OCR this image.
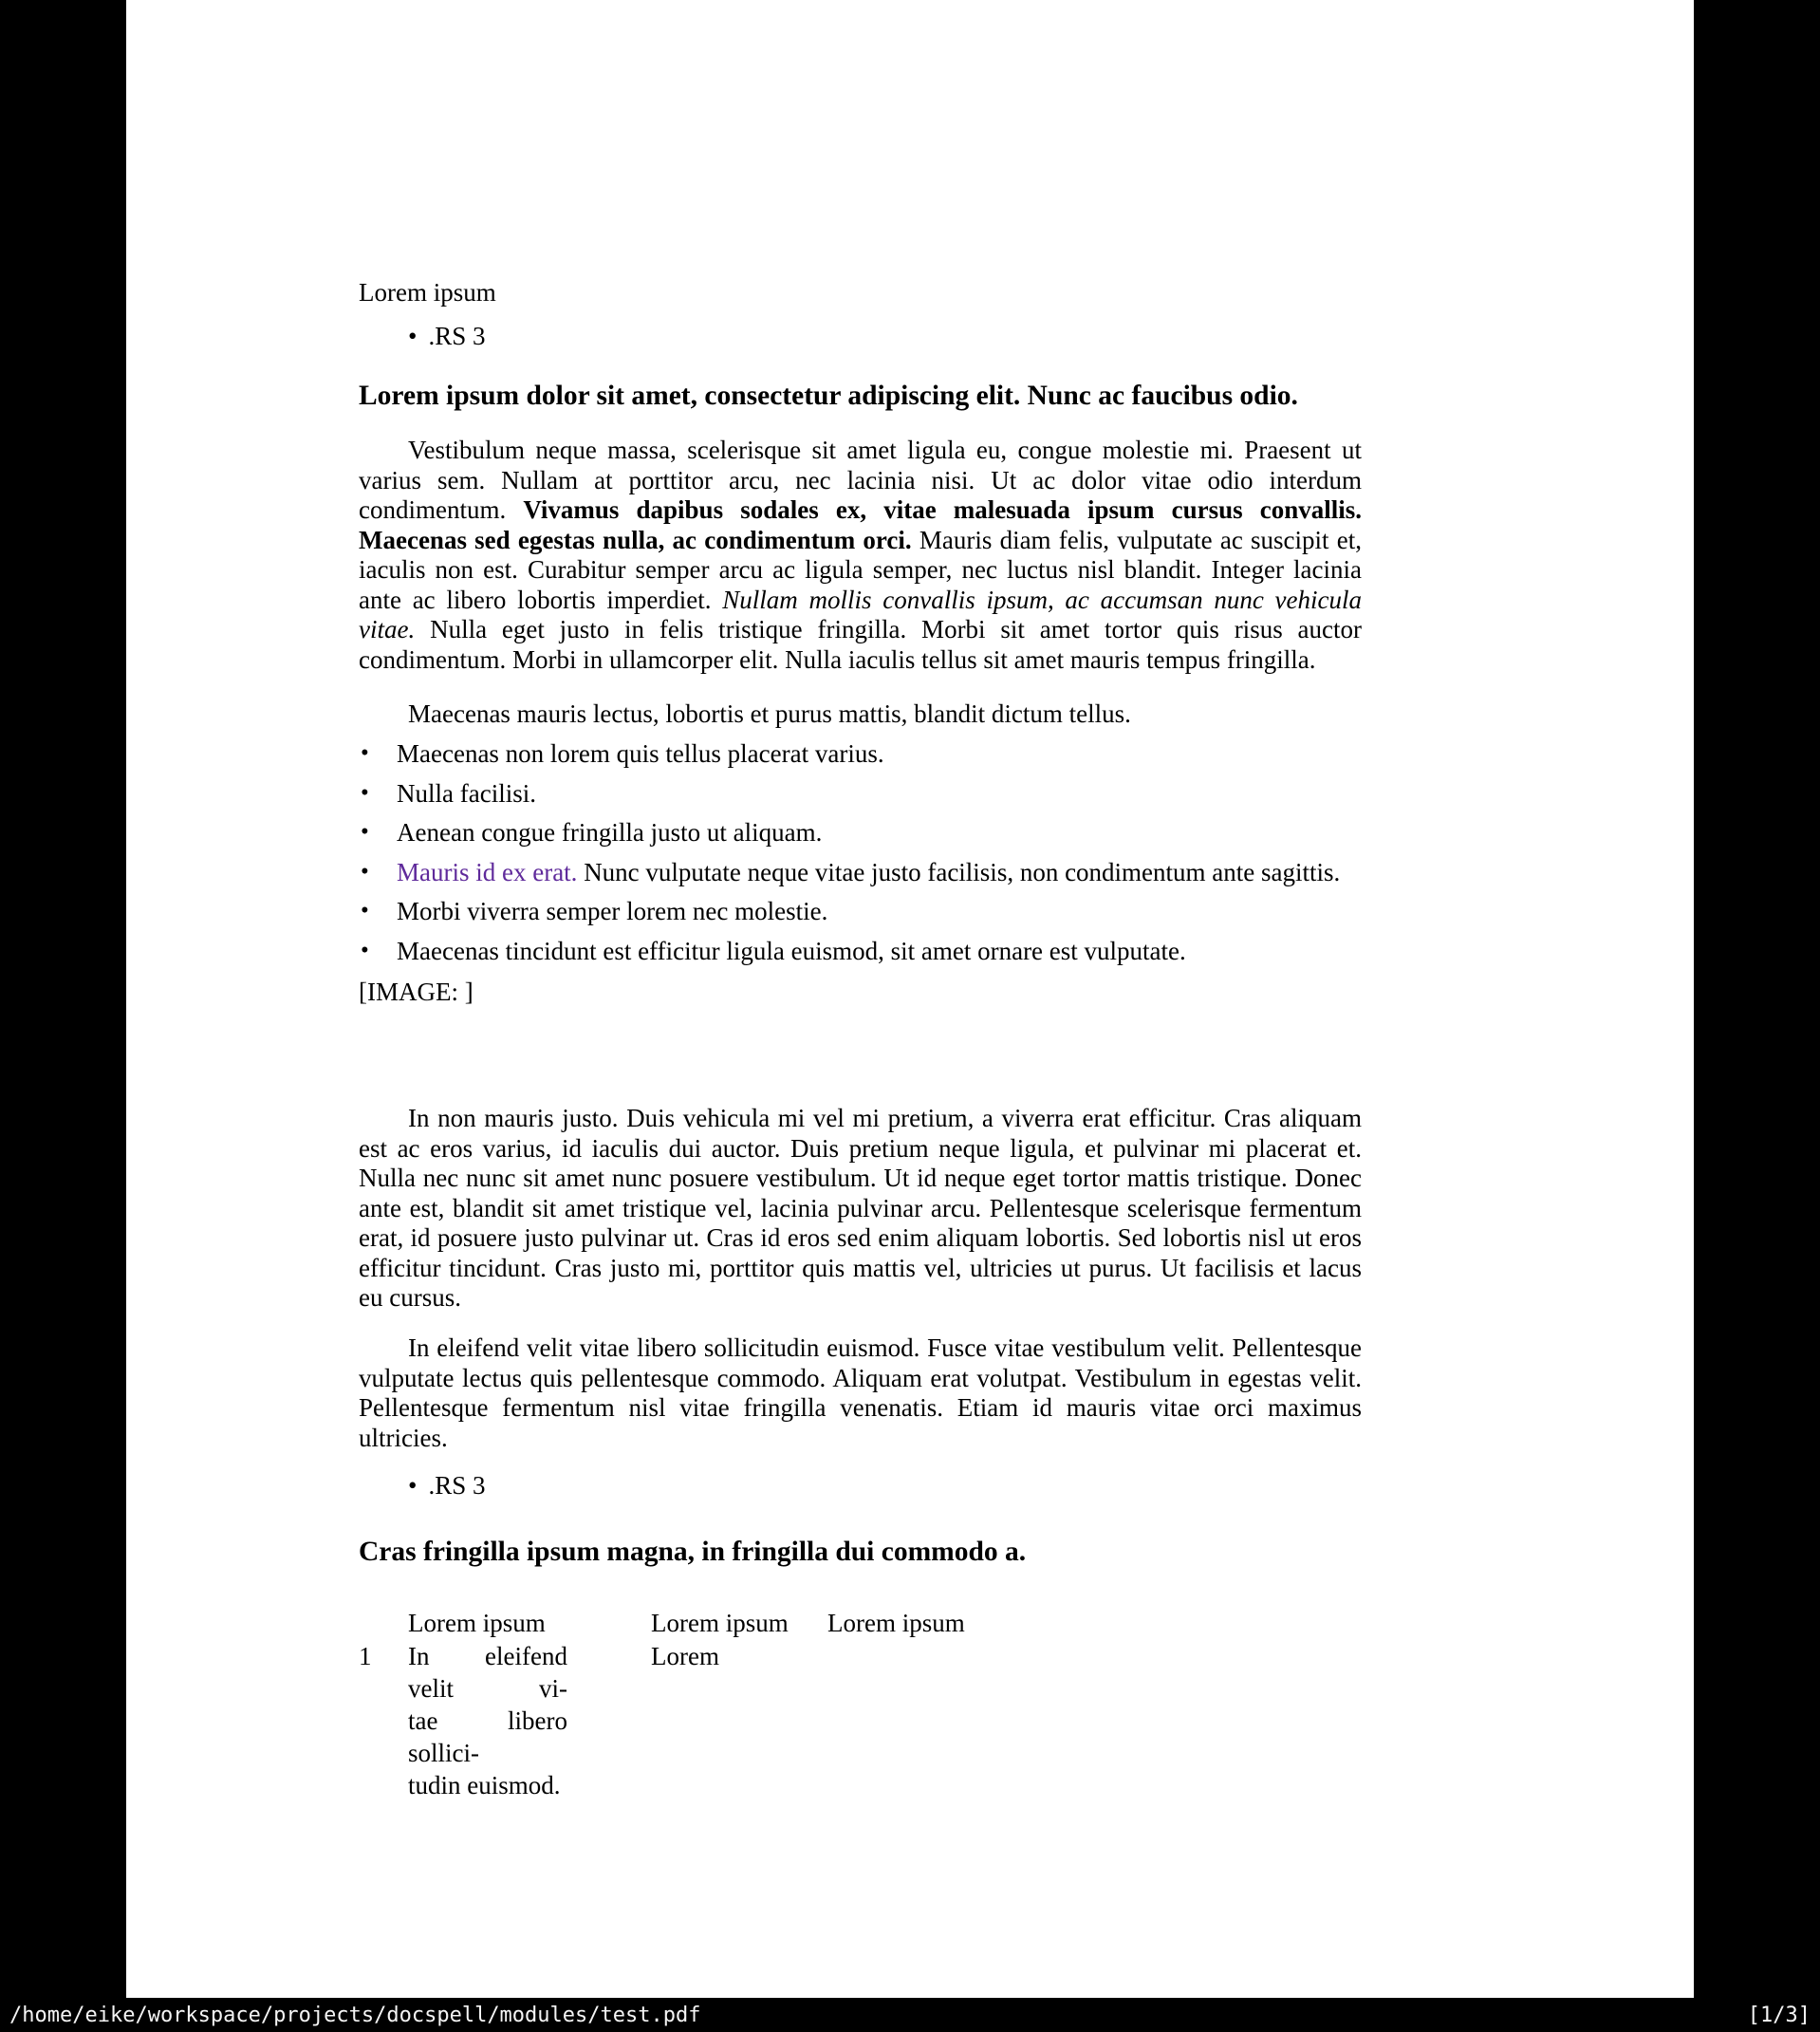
Lorem ipsum
• .RS 3
Lorem ipsum dolor sit amet, consectetur adipiscing elit. Nunc ac faucibus odio.
Vestibulum neque massa, scelerisque sit amet ligula eu, congue molestie mi. Praesent ut varius sem. Nullam at porttitor arcu, nec lacinia nisi. Ut ac dolor vitae odio interdum condimentum. Vivamus dapibus sodales ex, vitae malesuada ipsum cursus convallis. Maecenas sed egestas nulla, ac condimentum orci. Mauris diam felis, vulputate ac suscipit et, iaculis non est. Curabitur semper arcu ac ligula semper, nec luctus nisl blandit. Integer lacinia ante ac libero lobortis imperdiet. Nullam mollis convallis ipsum, ac accumsan nunc vehicula vitae. Nulla eget justo in felis tristique fringilla. Morbi sit amet tortor quis risus auctor condimentum. Morbi in ullamcorper elit. Nulla iaculis tellus sit amet mauris tempus fringilla.
Maecenas mauris lectus, lobortis et purus mattis, blandit dictum tellus.
• Maecenas non lorem quis tellus placerat varius.
• Nulla facilisi.
• Aenean congue fringilla justo ut aliquam.
• Mauris id ex erat. Nunc vulputate neque vitae justo facilisis, non condimentum ante sagittis.
• Morbi viverra semper lorem nec molestie.
• Maecenas tincidunt est efficitur ligula euismod, sit amet ornare est vulputate.
[IMAGE: ]
In non mauris justo. Duis vehicula mi vel mi pretium, a viverra erat efficitur. Cras aliquam est ac eros varius, id iaculis dui auctor. Duis pretium neque ligula, et pulvinar mi placerat et. Nulla nec nunc sit amet nunc posuere vestibulum. Ut id neque eget tortor mattis tristique. Donec ante est, blandit sit amet tristique vel, lacinia pulvinar arcu. Pellentesque scelerisque fermentum erat, id posuere justo pulvinar ut. Cras id eros sed enim aliquam lobortis. Sed lobortis nisl ut eros efficitur tincidunt. Cras justo mi, porttitor quis mattis vel, ultricies ut purus. Ut facilisis et lacus eu cursus.
In eleifend velit vitae libero sollicitudin euismod. Fusce vitae vestibulum velit. Pellentesque vulputate lectus quis pellentesque commodo. Aliquam erat volutpat. Vestibulum in egestas velit. Pellentesque fermentum nisl vitae fringilla venenatis. Etiam id mauris vitae orci maximus ultricies.
• .RS 3
Cras fringilla ipsum magna, in fringilla dui commodo a.
Lorem ipsum	Lorem ipsum Lorem ipsum
1 In eleifend velit vi-
tae libero sollici-
tudin euismod.
Lorem
/home/eike/workspace/projects/docspell/modules/test.pdf	[1/3]
